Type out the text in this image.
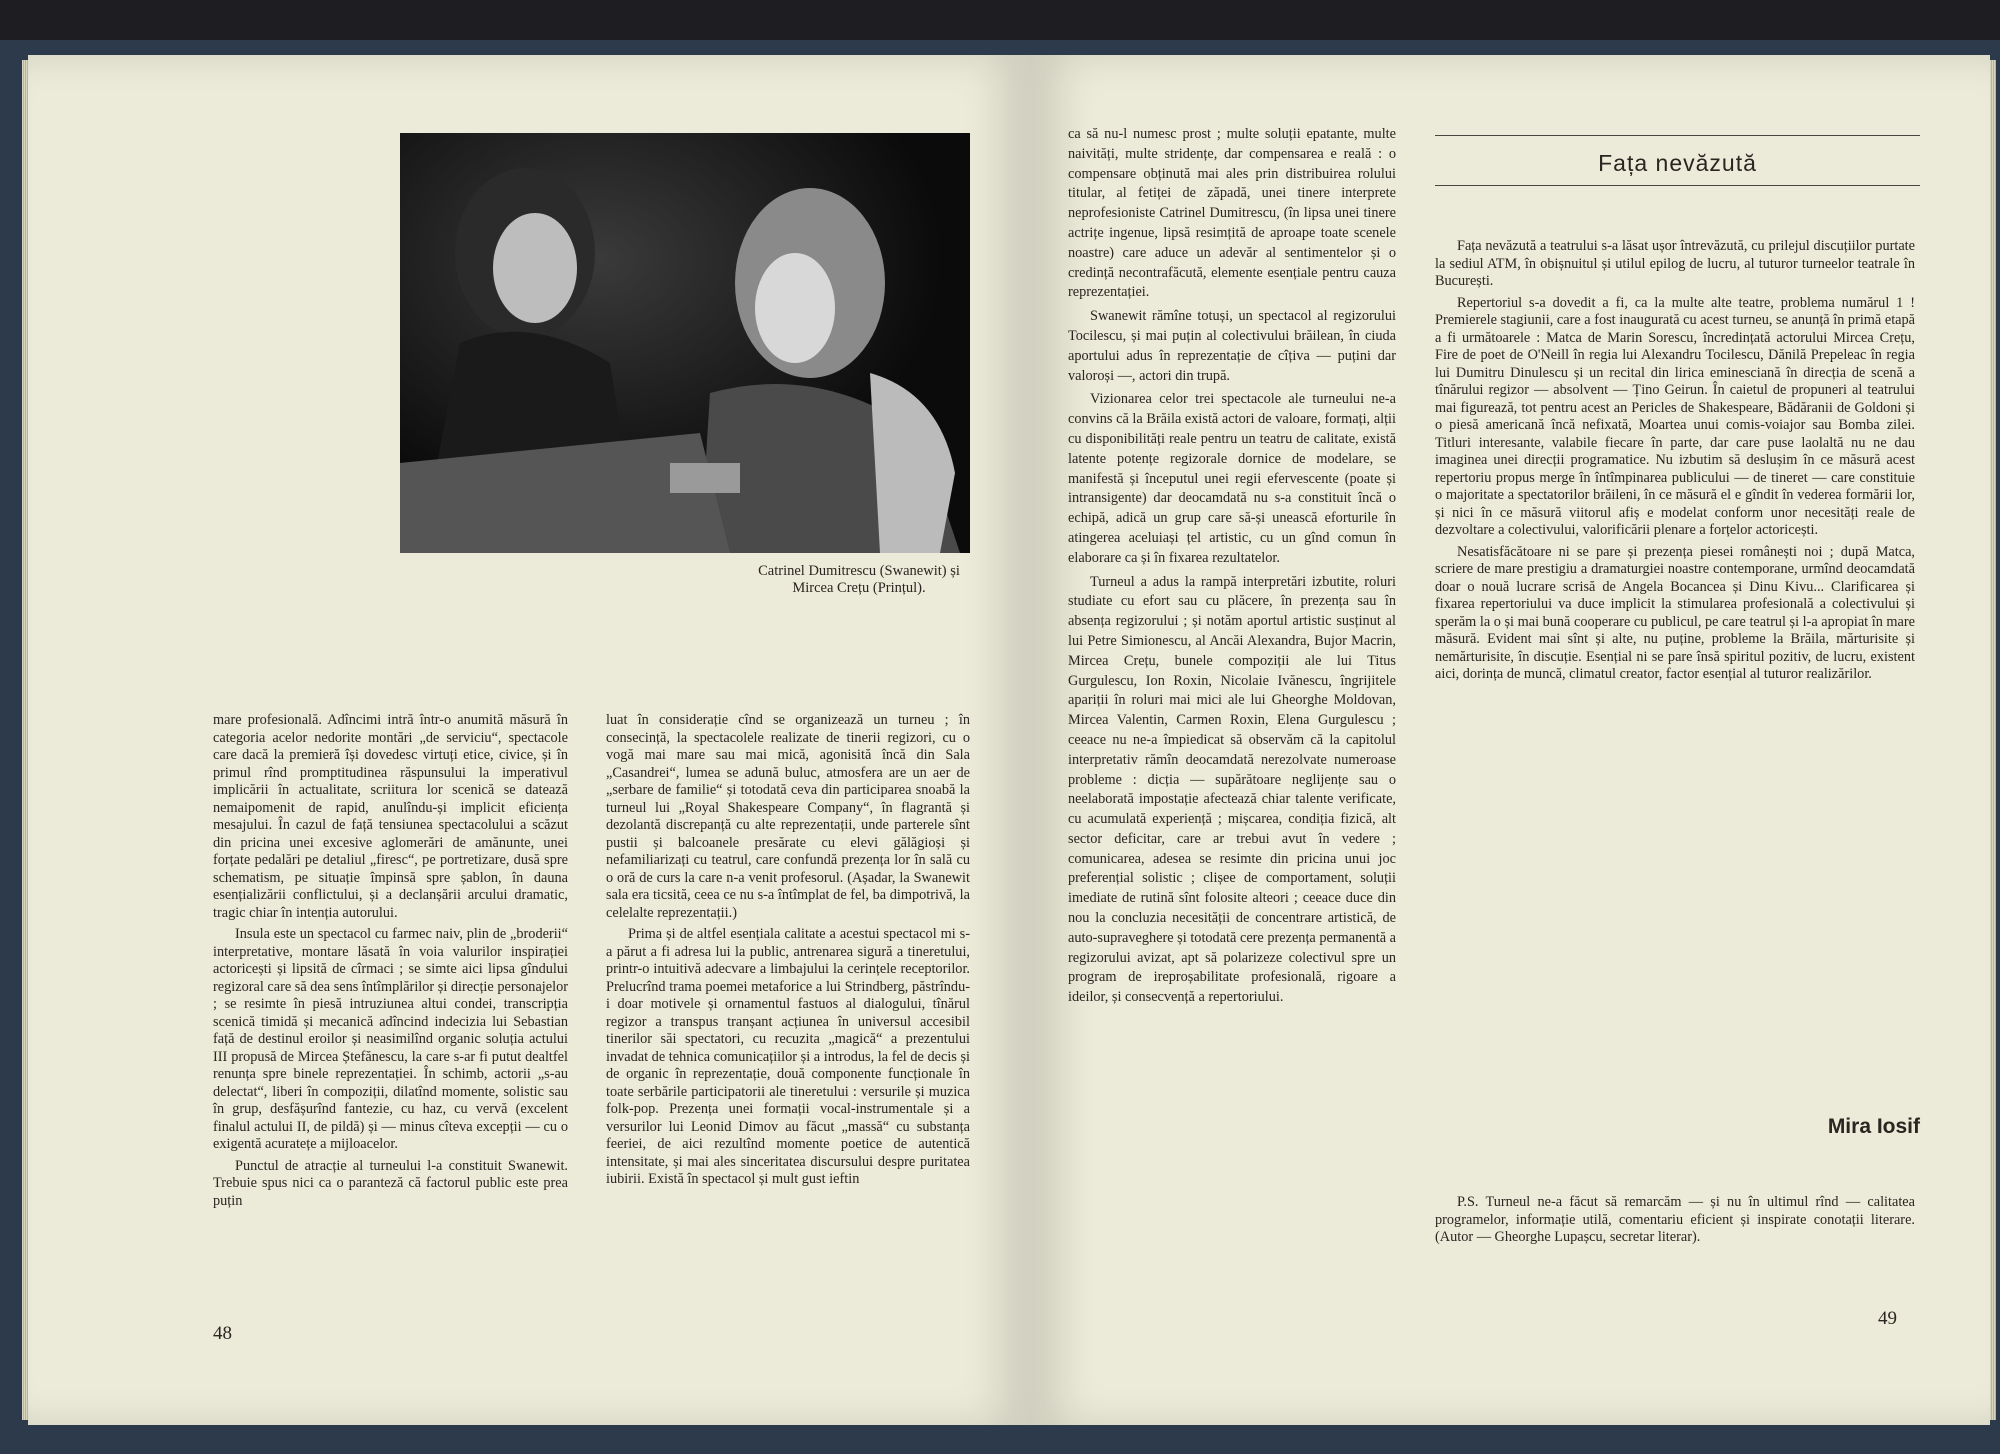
Catrinel Dumitrescu (Swanewit) și Mircea Crețu (Prințul).

mare profesională. Adîncimi intră într-o anumită măsură în categoria acelor nedorite montări „de serviciu“, spectacole care dacă la premieră își dovedesc virtuți etice, civice, și în primul rînd promptitudinea răspunsului la imperativul implicării în actualitate, scriitura lor scenică se datează nemaipomenit de rapid, anulîndu-și implicit eficiența mesajului. În cazul de față tensiunea spectacolului a scăzut din pricina unei excesive aglomerări de amănunte, unei forțate pedalări pe detaliul „firesc“, pe portretizare, dusă spre schematism, pe situație împinsă spre șablon, în dauna esențializării conflictului, și a declanșării arcului dramatic, tragic chiar în intenția autorului.

Insula este un spectacol cu farmec naiv, plin de „broderii“ interpretative, montare lăsată în voia valurilor inspirației actoricești și lipsită de cîrmaci ; se simte aici lipsa gîndului regizoral care să dea sens întîmplărilor și direcție personajelor ; se resimte în piesă intruziunea altui condei, transcripția scenică timidă și mecanică adîncind indecizia lui Sebastian față de destinul eroilor și neasimilînd organic soluția actului III propusă de Mircea Ștefănescu, la care s-ar fi putut dealtfel renunța spre binele reprezentației. În schimb, actorii „s-au delectat“, liberi în compoziții, dilatînd momente, solistic sau în grup, desfășurînd fantezie, cu haz, cu vervă (excelent finalul actului II, de pildă) și — minus cîteva excepții — cu o exigentă acuratețe a mijloacelor.

Punctul de atracție al turneului l-a constituit Swanewit. Trebuie spus nici ca o paranteză că factorul public este prea puțin

luat în considerație cînd se organizează un turneu ; în consecință, la spectacolele realizate de tinerii regizori, cu o vogă mai mare sau mai mică, agonisită încă din Sala „Casandrei“, lumea se adună buluc, atmosfera are un aer de „serbare de familie“ și totodată ceva din participarea snoabă la turneul lui „Royal Shakespeare Company“, în flagrantă și dezolantă discrepanță cu alte reprezentații, unde parterele sînt pustii și balcoanele presărate cu elevi gălăgioși și nefamiliarizați cu teatrul, care confundă prezența lor în sală cu o oră de curs la care n-a venit profesorul. (Așadar, la Swanewit sala era ticsită, ceea ce nu s-a întîmplat de fel, ba dimpotrivă, la celelalte reprezentații.)

Prima și de altfel esențiala calitate a acestui spectacol mi s-a părut a fi adresa lui la public, antrenarea sigură a tineretului, printr-o intuitivă adecvare a limbajului la cerințele receptorilor. Prelucrînd trama poemei metaforice a lui Strindberg, păstrîndu-i doar motivele și ornamentul fastuos al dialogului, tînărul regizor a transpus tranșant acțiunea în universul accesibil tinerilor săi spectatori, cu recuzita „magică“ a prezentului invadat de tehnica comunicațiilor și a introdus, la fel de decis și de organic în reprezentație, două componente funcționale în toate serbările participatorii ale tineretului : versurile și muzica folk-pop. Prezența unei formații vocal-instrumentale și a versurilor lui Leonid Dimov au făcut „massă“ cu substanța feeriei, de aici rezultînd momente poetice de autentică intensitate, și mai ales sinceritatea discursului despre puritatea iubirii. Există în spectacol și mult gust ieftin

48

ca să nu-l numesc prost ; multe soluții epatante, multe naivități, multe stridențe, dar compensarea e reală : o compensare obținută mai ales prin distribuirea rolului titular, al fetiței de zăpadă, unei tinere interprete neprofesioniste Catrinel Dumitrescu, (în lipsa unei tinere actrițe ingenue, lipsă resimțită de aproape toate scenele noastre) care aduce un adevăr al sentimentelor și o credință necontrafăcută, elemente esențiale pentru cauza reprezentației.

Swanewit rămîne totuși, un spectacol al regizorului Tocilescu, și mai puțin al colectivului brăilean, în ciuda aportului adus în reprezentație de cîțiva — puțini dar valoroși —, actori din trupă.

Vizionarea celor trei spectacole ale turneului ne-a convins că la Brăila există actori de valoare, formați, alții cu disponibilități reale pentru un teatru de calitate, există latente potențe regizorale dornice de modelare, se manifestă și începutul unei regii efervescente (poate și intransigente) dar deocamdată nu s-a constituit încă o echipă, adică un grup care să-și unească eforturile în atingerea aceluiași țel artistic, cu un gînd comun în elaborare ca și în fixarea rezultatelor.

Turneul a adus la rampă interpretări izbutite, roluri studiate cu efort sau cu plăcere, în prezența sau în absența regizorului ; și notăm aportul artistic susținut al lui Petre Simionescu, al Ancăi Alexandra, Bujor Macrin, Mircea Crețu, bunele compoziții ale lui Titus Gurgulescu, Ion Roxin, Nicolaie Ivănescu, îngrijitele apariții în roluri mai mici ale lui Gheorghe Moldovan, Mircea Valentin, Carmen Roxin, Elena Gurgulescu ; ceeace nu ne-a împiedicat să observăm că la capitolul interpretativ rămîn deocamdată nerezolvate numeroase probleme : dicția — supărătoare neglijențe sau o neelaborată impostație afectează chiar talente verificate, cu acumulată experiență ; mișcarea, condiția fizică, alt sector deficitar, care ar trebui avut în vedere ; comunicarea, adesea se resimte din pricina unui joc preferențial solistic ; clișee de comportament, soluții imediate de rutină sînt folosite alteori ; ceeace duce din nou la concluzia necesității de concentrare artistică, de auto-supraveghere și totodată cere prezența permanentă a regizorului avizat, apt să polarizeze colectivul spre un program de ireproșabilitate profesională, rigoare a ideilor, și consecvență a repertoriului.

Fața nevăzută

Fața nevăzută a teatrului s-a lăsat ușor întrevăzută, cu prilejul discuțiilor purtate la sediul ATM, în obișnuitul și utilul epilog de lucru, al tuturor turneelor teatrale în București.

Repertoriul s-a dovedit a fi, ca la multe alte teatre, problema numărul 1 ! Premierele stagiunii, care a fost inaugurată cu acest turneu, se anunță în primă etapă a fi următoarele : Matca de Marin Sorescu, încredințată actorului Mircea Crețu, Fire de poet de O'Neill în regia lui Alexandru Tocilescu, Dănilă Prepeleac în regia lui Dumitru Dinulescu și un recital din lirica eminesciană în direcția de scenă a tînărului regizor — absolvent — Țino Geirun. În caietul de propuneri al teatrului mai figurează, tot pentru acest an Pericles de Shakespeare, Bădăranii de Goldoni și o piesă americană încă nefixată, Moartea unui comis-voiajor sau Bomba zilei. Titluri interesante, valabile fiecare în parte, dar care puse laolaltă nu ne dau imaginea unei direcții programatice. Nu izbutim să deslușim în ce măsură acest repertoriu propus merge în întîmpinarea publicului — de tineret — care constituie o majoritate a spectatorilor brăileni, în ce măsură el e gîndit în vederea formării lor, și nici în ce măsură viitorul afiș e modelat conform unor necesități reale de dezvoltare a colectivului, valorificării plenare a forțelor actoricești.

Nesatisfăcătoare ni se pare și prezența piesei românești noi ; după Matca, scriere de mare prestigiu a dramaturgiei noastre contemporane, urmînd deocamdată doar o nouă lucrare scrisă de Angela Bocancea și Dinu Kivu... Clarificarea și fixarea repertoriului va duce implicit la stimularea profesională a colectivului și sperăm la o și mai bună cooperare cu publicul, pe care teatrul și l-a apropiat în mare măsură. Evident mai sînt și alte, nu puține, probleme la Brăila, mărturisite și nemărturisite, în discuție. Esențial ni se pare însă spiritul pozitiv, de lucru, existent aici, dorința de muncă, climatul creator, factor esențial al tuturor realizărilor.

Mira Iosif

P.S. Turneul ne-a făcut să remarcăm — și nu în ultimul rînd — calitatea programelor, informație utilă, comentariu eficient și inspirate conotații literare. (Autor — Gheorghe Lupașcu, secretar literar).

49
